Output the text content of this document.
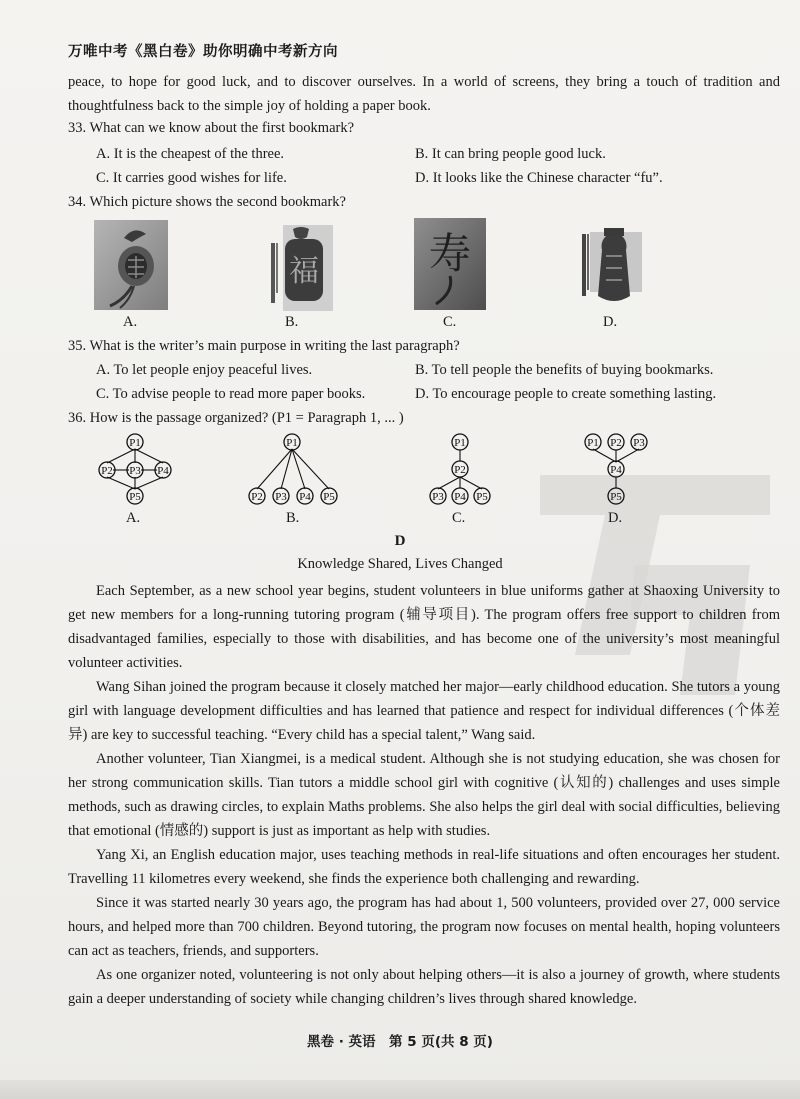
万唯中考《黑白卷》助你明确中考新方向
peace, to hope for good luck, and to discover ourselves. In a world of screens, they bring a touch of tradition and thoughtfulness back to the simple joy of holding a paper book.
33. What can we know about the first bookmark?
A. It is the cheapest of the three.	B. It can bring people good luck.
C. It carries good wishes for life.	D. It looks like the Chinese character “fu”.
34. Which picture shows the second bookmark?
A.
福
B.
寿
C.	D.
35. What is the writer’s main purpose in writing the last paragraph?
A. To let people enjoy peaceful lives.	B. To tell people the benefits of buying bookmarks.
C. To advise people to read more paper books.	D. To encourage people to create something lasting.
36. How is the passage organized? (P1 = Paragraph 1, ... )
P1
P2 P3 P4
P5
A.
P1
P2 P3 P4 P5
B.
P1
P2
P3 P4 P5
C.
P1 P2 P3
P4
P5
D.
D
Knowledge Shared, Lives Changed
Each September, as a new school year begins, student volunteers in blue uniforms gather at Shaoxing University to get new members for a long-running tutoring program (辅导项目). The program offers free support to children from disadvantaged families, especially to those with disabilities, and has become one of the university’s most meaningful volunteer activities.
Wang Sihan joined the program because it closely matched her major—early childhood education. She tutors a young girl with language development difficulties and has learned that patience and respect for individual differences (个体差异) are key to successful teaching. “Every child has a special talent,” Wang said.
Another volunteer, Tian Xiangmei, is a medical student. Although she is not studying education, she was chosen for her strong communication skills. Tian tutors a middle school girl with cognitive (认知的) challenges and uses simple methods, such as drawing circles, to explain Maths problems. She also helps the girl deal with social difficulties, believing that emotional (情感的) support is just as important as help with studies.
Yang Xi, an English education major, uses teaching methods in real-life situations and often encourages her student. Travelling 11 kilometres every weekend, she finds the experience both challenging and rewarding.
Since it was started nearly 30 years ago, the program has had about 1, 500 volunteers, provided over 27, 000 service hours, and helped more than 700 children. Beyond tutoring, the program now focuses on mental health, hoping volunteers can act as teachers, friends, and supporters.
As one organizer noted, volunteering is not only about helping others—it is also a journey of growth, where students gain a deeper understanding of society while changing children’s lives through shared knowledge.
黑卷 · 英语　第 5 页(共 8 页)
